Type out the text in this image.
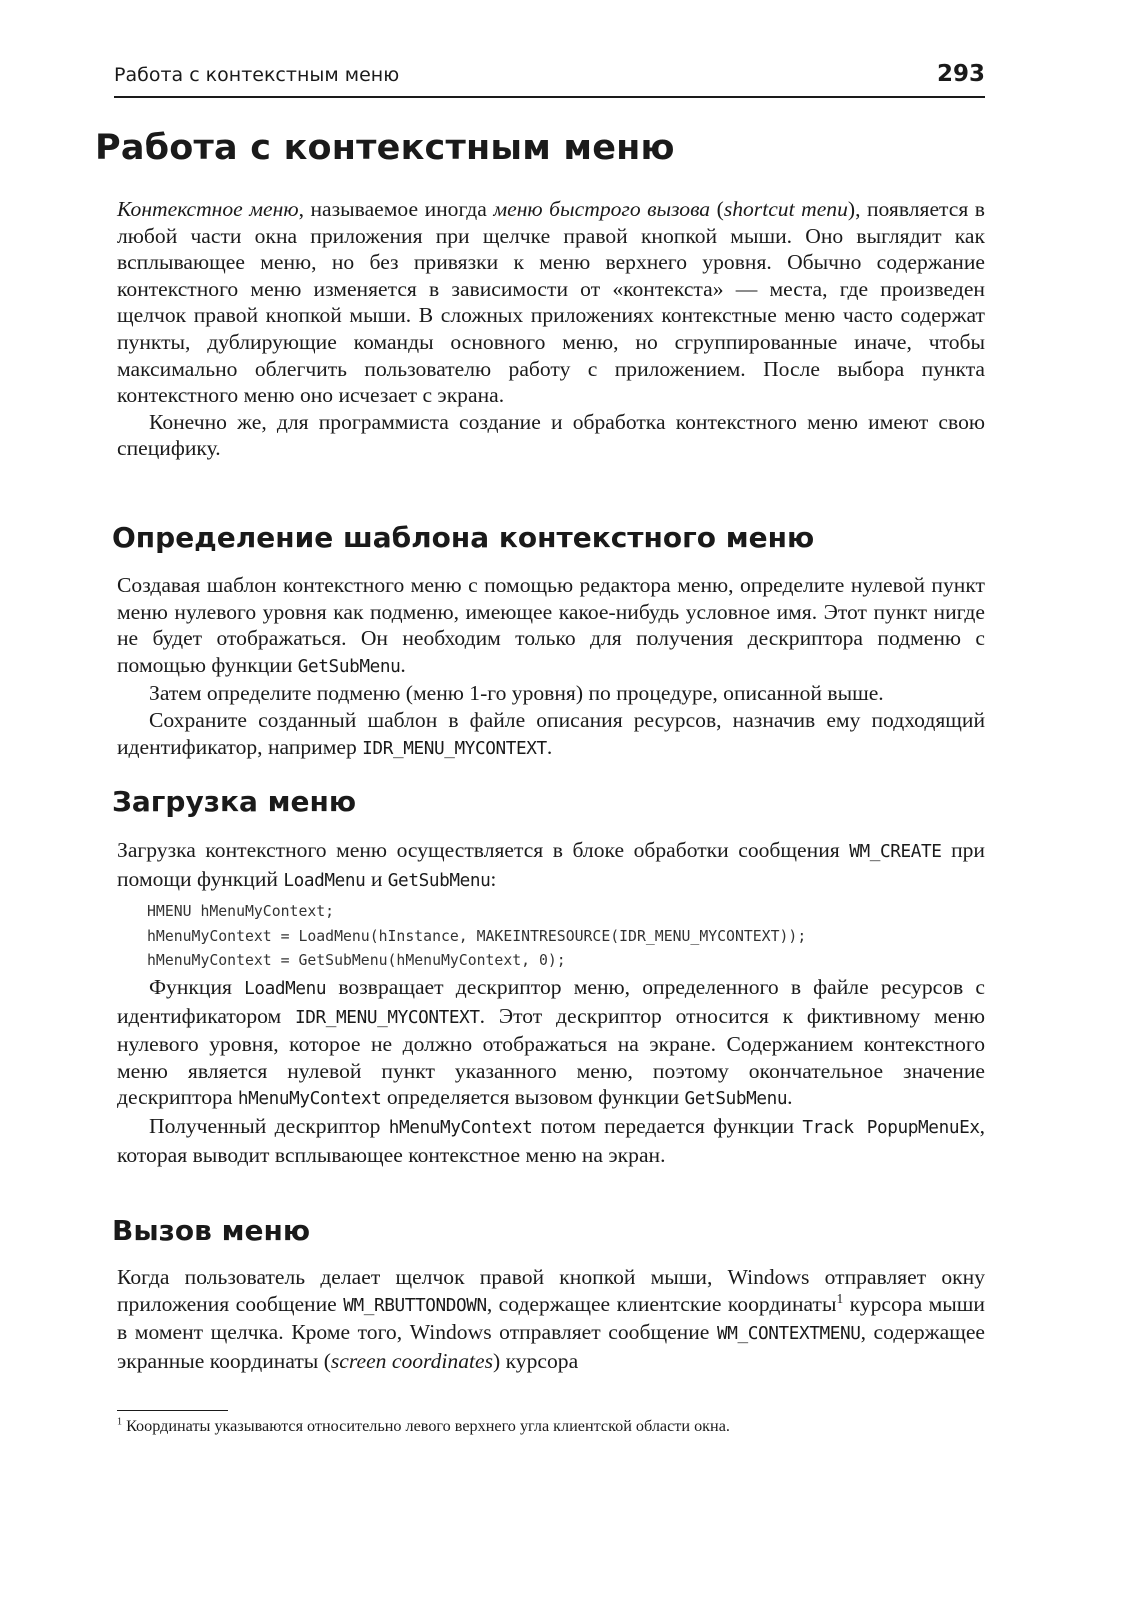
Работа с контекстным меню	293
Работа с контекстным меню

Контекстное меню, называемое иногда меню быстрого вызова (shortcut menu), появляется в любой части окна приложения при щелчке правой кнопкой мыши. Оно выглядит как всплывающее меню, но без привязки к меню верхнего уровня. Обычно содержание контекстного меню изменяется в зависимости от «контекста» — места, где произведен щелчок правой кнопкой мыши. В сложных приложениях контекстные меню часто содержат пункты, дублирующие команды основного меню, но сгруппированные иначе, чтобы максимально облегчить пользователю работу с приложением. После выбора пункта контекстного меню оно исчезает с экрана.

Конечно же, для программиста создание и обработка контекстного меню имеют свою специфику.

Определение шаблона контекстного меню

Создавая шаблон контекстного меню с помощью редактора меню, определите нулевой пункт меню нулевого уровня как подменю, имеющее какое-нибудь условное имя. Этот пункт нигде не будет отображаться. Он необходим только для получения дескриптора подменю с помощью функции GetSubMenu.

Затем определите подменю (меню 1-го уровня) по процедуре, описанной выше.

Сохраните созданный шаблон в файле описания ресурсов, назначив ему подходящий идентификатор, например IDR_MENU_MYCONTEXT.

Загрузка меню

Загрузка контекстного меню осуществляется в блоке обработки сообщения WM_CREATE при помощи функций LoadMenu и GetSubMenu:

HMENU hMenuMyContext;
hMenuMyContext = LoadMenu(hInstance, MAKEINTRESOURCE(IDR_MENU_MYCONTEXT));
hMenuMyContext = GetSubMenu(hMenuMyContext, 0);

Функция LoadMenu возвращает дескриптор меню, определенного в файле ресурсов с идентификатором IDR_MENU_MYCONTEXT. Этот дескриптор относится к фиктивному меню нулевого уровня, которое не должно отображаться на экране. Содержанием контекстного меню является нулевой пункт указанного меню, поэтому окончательное значение дескриптора hMenuMyContext определяется вызовом функции GetSubMenu.

Полученный дескриптор hMenuMyContext потом передается функции Track PopupMenuEx, которая выводит всплывающее контекстное меню на экран.

Вызов меню

Когда пользователь делает щелчок правой кнопкой мыши, Windows отправляет окну приложения сообщение WM_RBUTTONDOWN, содержащее клиентские координаты$^1$ курсора мыши в момент щелчка. Кроме того, Windows отправляет сообщение WM_CONTEXTMENU, содержащее экранные координаты (screen coordinates) курсора

$^1$ Координаты указываются относительно левого верхнего угла клиентской области окна.
